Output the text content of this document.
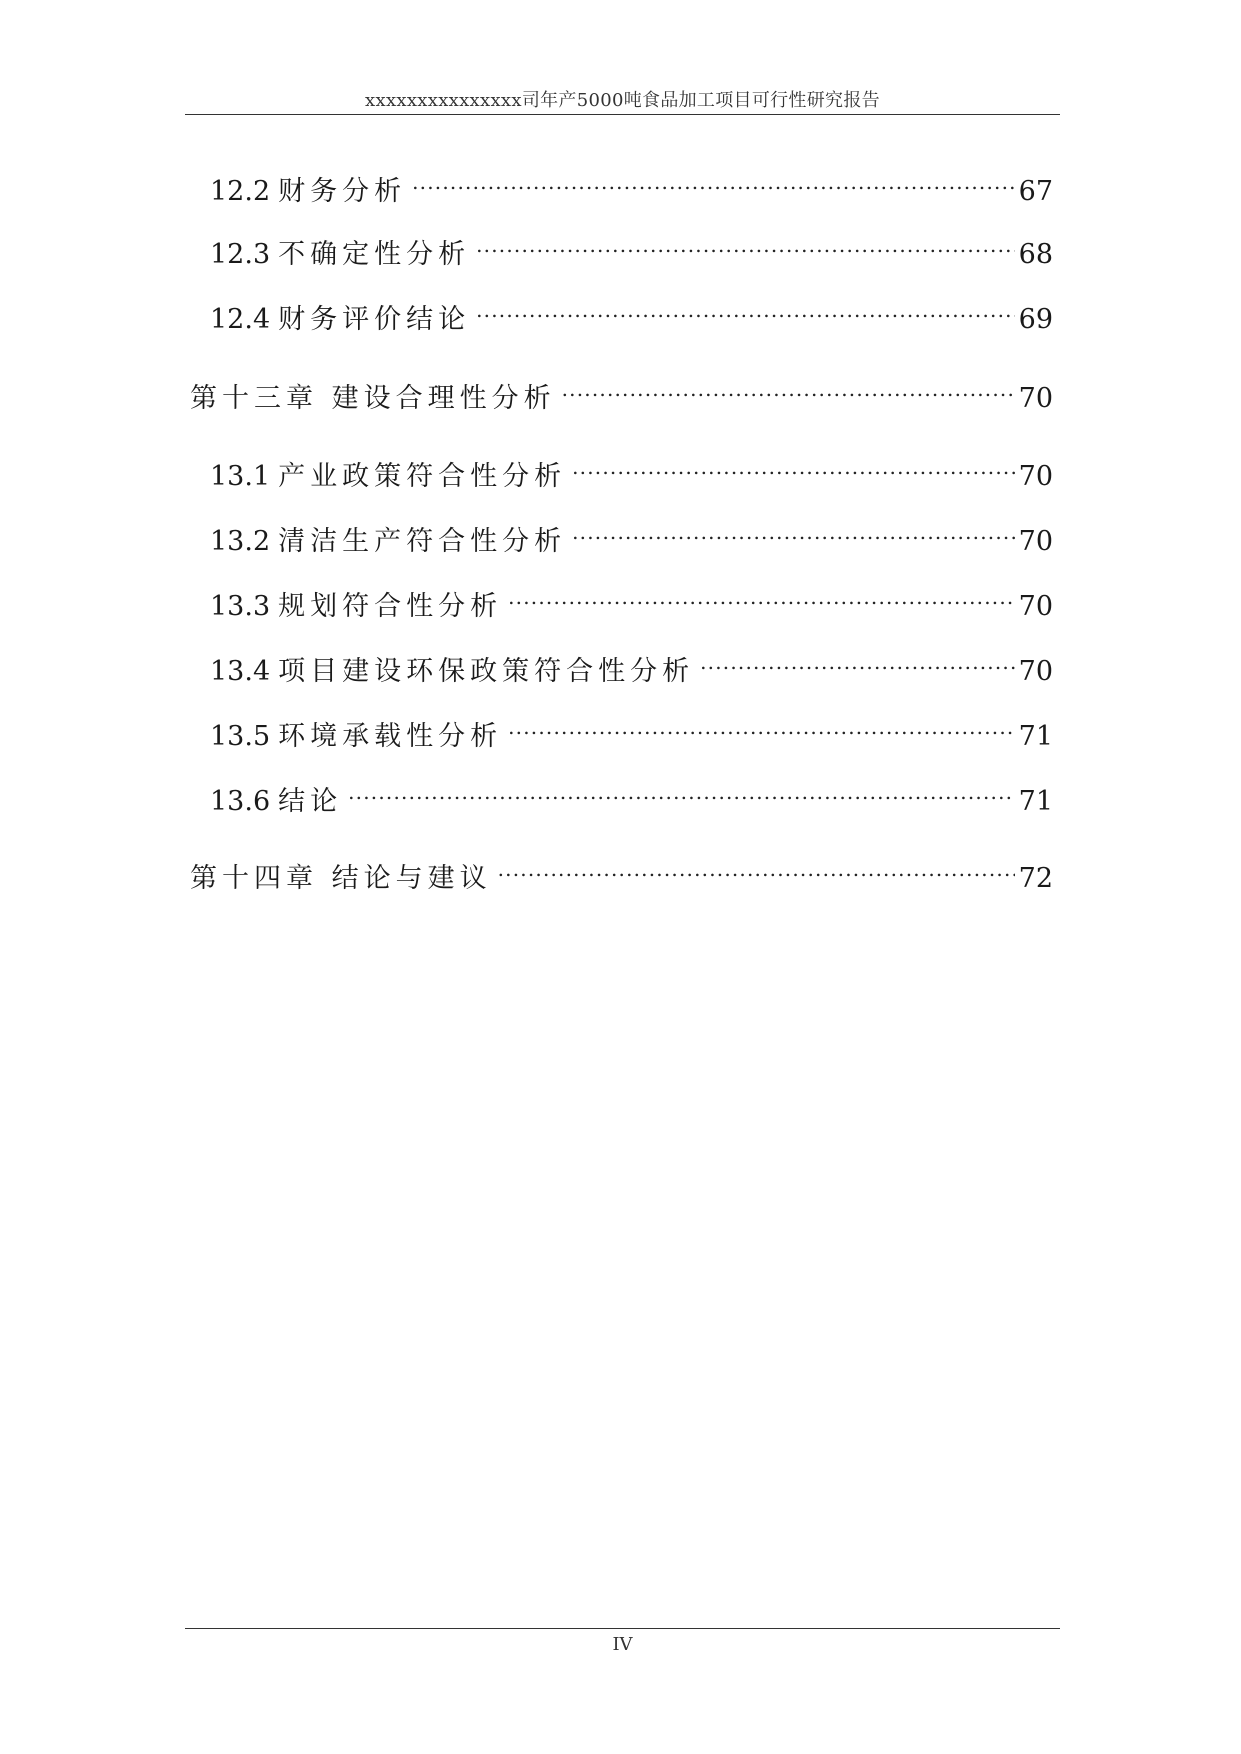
xxxxxxxxxxxxxxx司年产5000吨食品加工项目可行性研究报告
12.2 财务分析 .....	67
12.3 不确定性分析 .....	68
12.4 财务评价结论 .....	69
第十三章 建设合理性分析 .....	70
13.1 产业政策符合性分析 .....	70
13.2 清洁生产符合性分析 .....	70
13.3 规划符合性分析 .....	70
13.4 项目建设环保政策符合性分析 .....	70
13.5 环境承载性分析 .....	71
13.6 结论 .....	71
第十四章 结论与建议 .....	72
IV
